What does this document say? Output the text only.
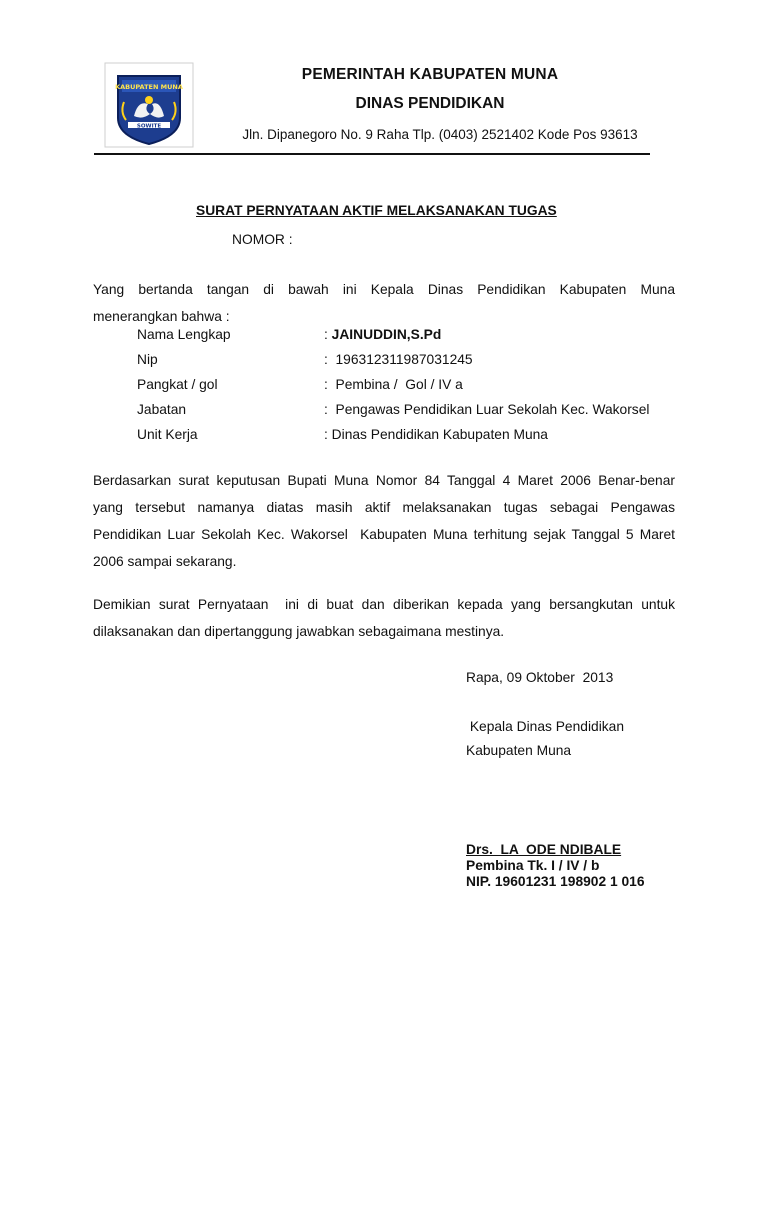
KABUPATEN MUNA
SOWITE
PEMERINTAH KABUPATEN MUNA
DINAS PENDIDIKAN
Jln. Dipanegoro No. 9 Raha Tlp. (0403) 2521402 Kode Pos 93613
SURAT PERNYATAAN AKTIF MELAKSANAKAN TUGAS
NOMOR :
Yang bertanda tangan di bawah ini Kepala Dinas Pendidikan Kabupaten Muna
menerangkan bahwa :
Nama Lengkap	: JAINUDDIN,S.Pd
Nip	:  196312311987031245
Pangkat / gol	:  Pembina /  Gol / IV a
Jabatan	:  Pengawas Pendidikan Luar Sekolah Kec. Wakorsel
Unit Kerja	: Dinas Pendidikan Kabupaten Muna
Berdasarkan surat keputusan Bupati Muna Nomor 84 Tanggal 4 Maret 2006 Benar-benar
yang tersebut namanya diatas masih aktif melaksanakan tugas sebagai Pengawas
Pendidikan Luar Sekolah Kec. Wakorsel  Kabupaten Muna terhitung sejak Tanggal 5 Maret
2006 sampai sekarang.
Demikian surat Pernyataan  ini di buat dan diberikan kepada yang bersangkutan untuk
dilaksanakan dan dipertanggung jawabkan sebagaimana mestinya.
Rapa, 09 Oktober  2013
Kepala Dinas Pendidikan
Kabupaten Muna
Drs.  LA  ODE NDIBALE
Pembina Tk. I / IV / b
NIP. 19601231 198902 1 016
